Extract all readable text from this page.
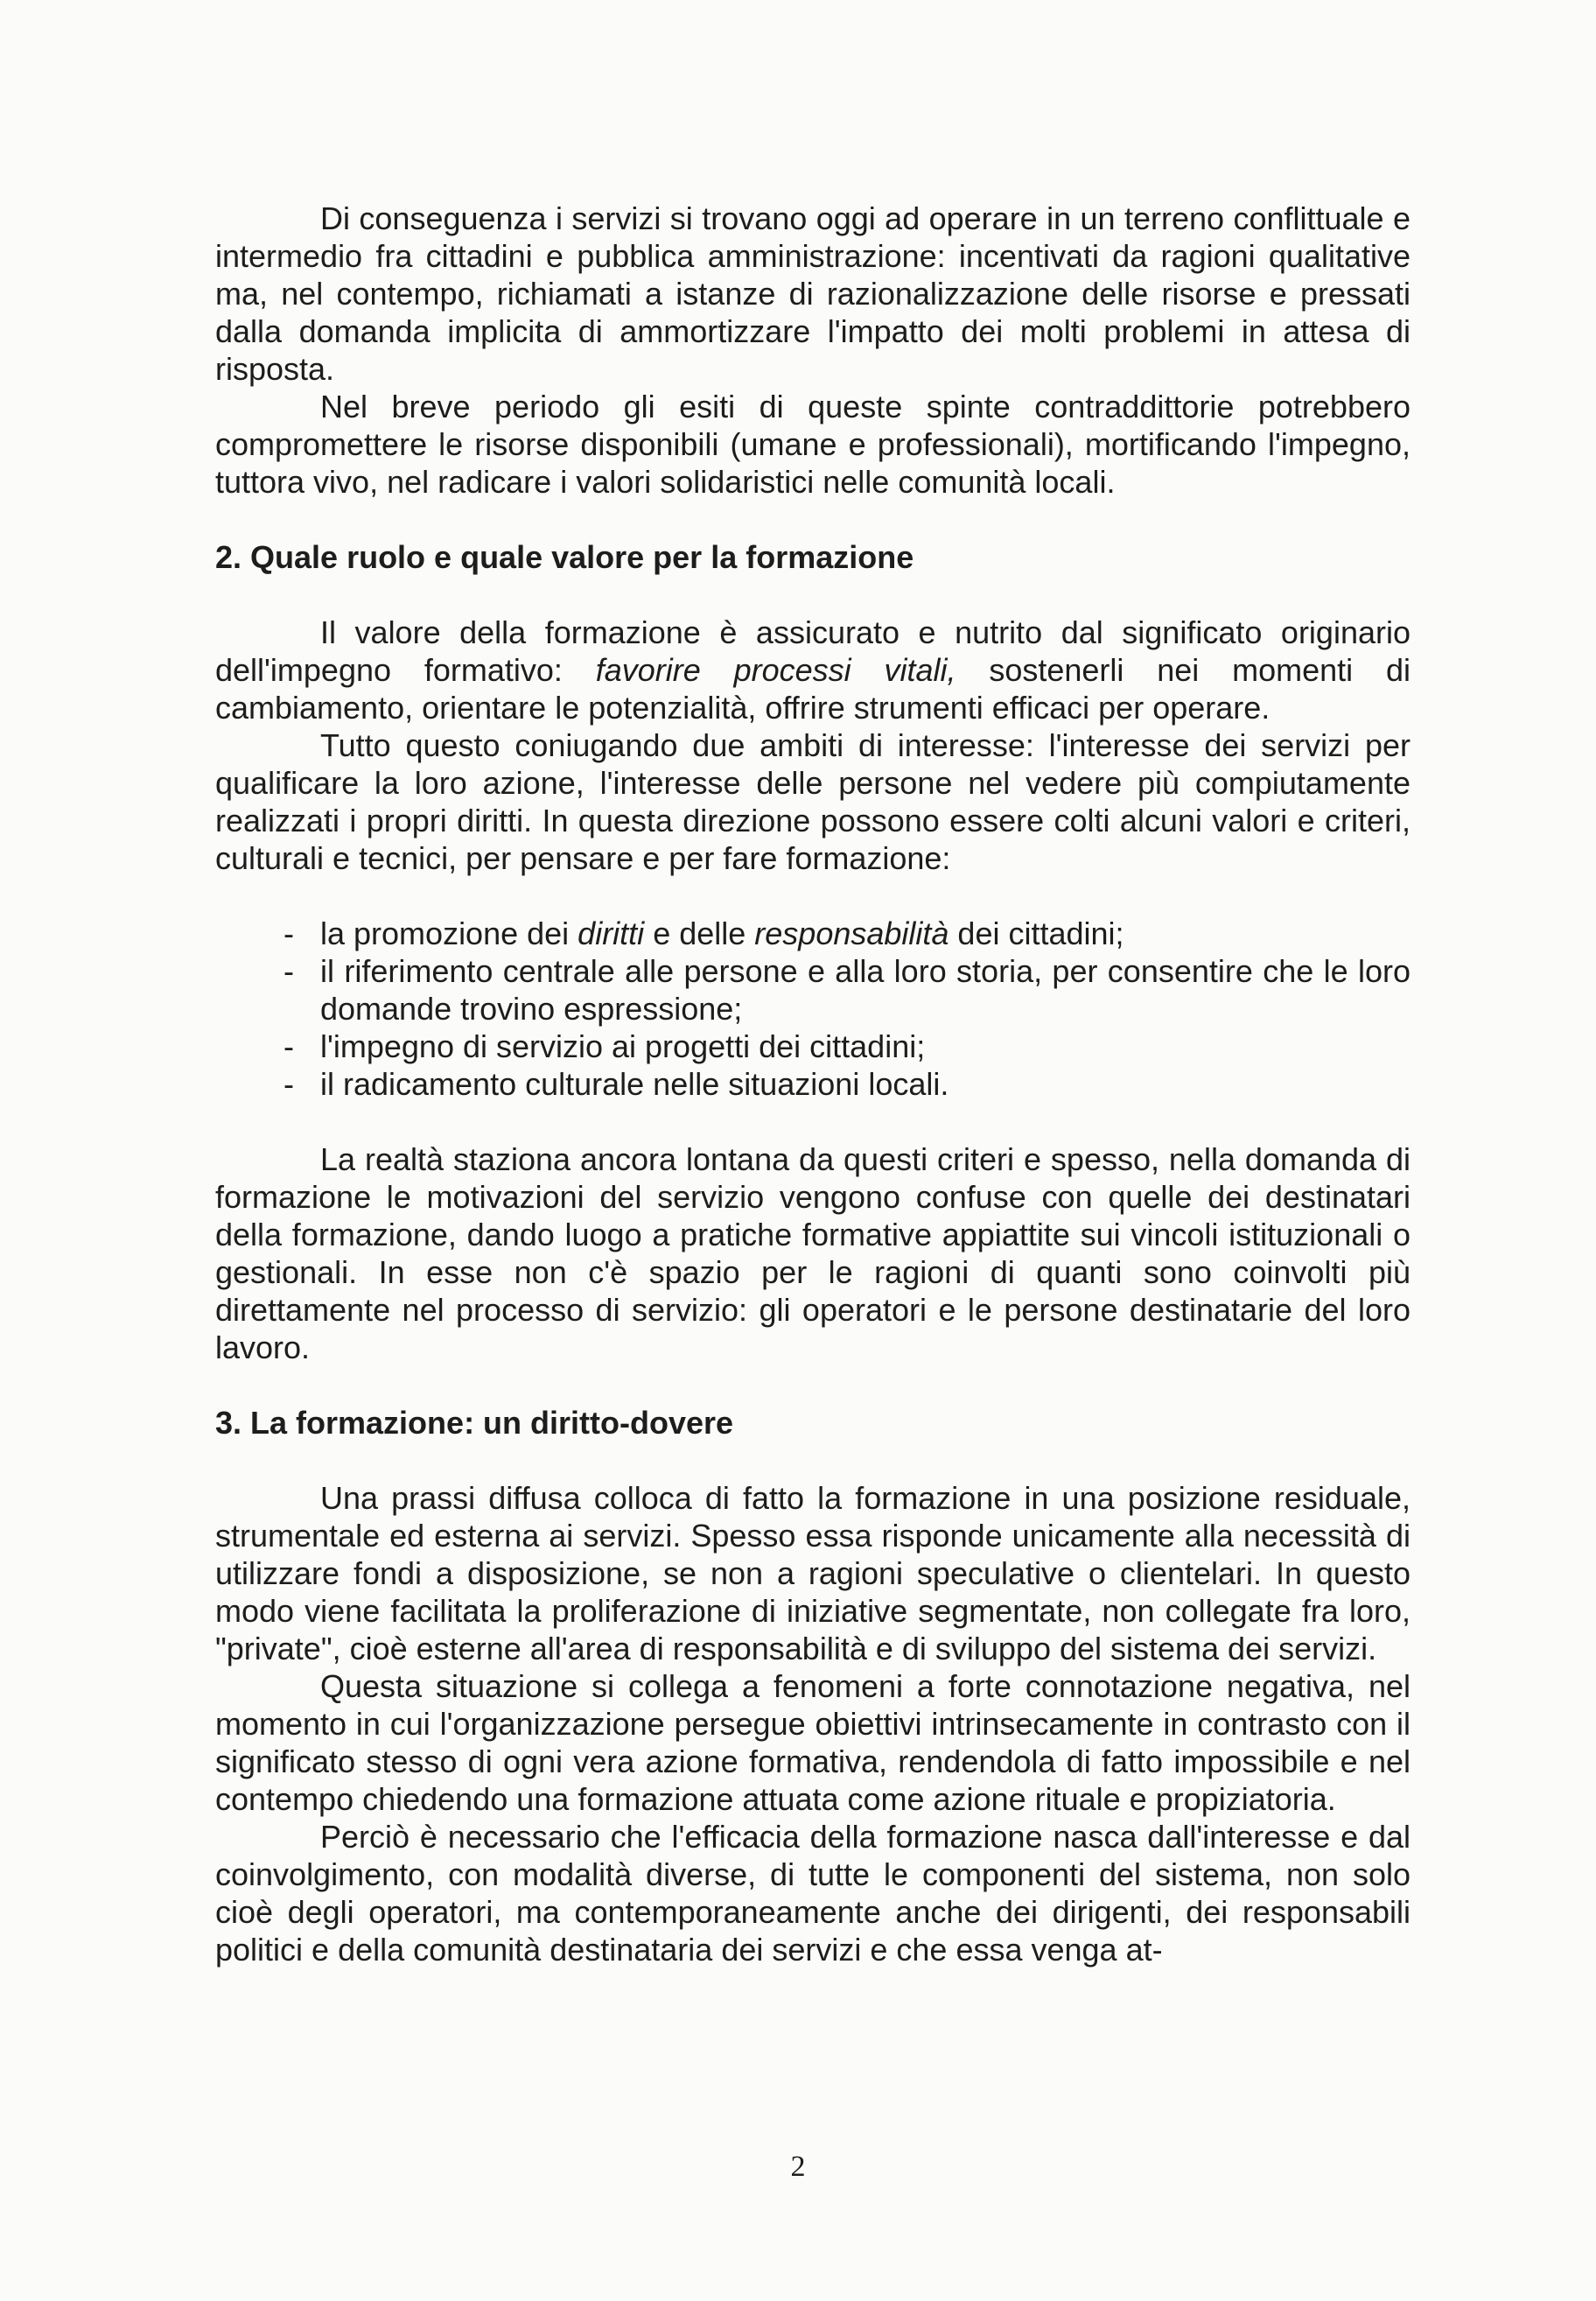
Di conseguenza i servizi si trovano oggi ad operare in un terreno conflittuale e intermedio fra cittadini e pubblica amministrazione: incentivati da ragioni qualitative ma, nel contempo, richiamati a istanze di razionalizzazione delle risorse e pressati dalla domanda implicita di ammortizzare l'impatto dei molti problemi in attesa di risposta.

Nel breve periodo gli esiti di queste spinte contraddittorie potrebbero compromettere le risorse disponibili (umane e professionali), mortificando l'impegno, tuttora vivo, nel radicare i valori solidaristici nelle comunità locali.

2. Quale ruolo e quale valore per la formazione

Il valore della formazione è assicurato e nutrito dal significato originario dell'impegno formativo: favorire processi vitali, sostenerli nei momenti di cambiamento, orientare le potenzialità, offrire strumenti efficaci per operare.

Tutto questo coniugando due ambiti di interesse: l'interesse dei servizi per qualificare la loro azione, l'interesse delle persone nel vedere più compiutamente realizzati i propri diritti. In questa direzione possono essere colti alcuni valori e criteri, culturali e tecnici, per pensare e per fare formazione:

- la promozione dei diritti e delle responsabilità dei cittadini;
- il riferimento centrale alle persone e alla loro storia, per consentire che le loro domande trovino espressione;
- l'impegno di servizio ai progetti dei cittadini;
- il radicamento culturale nelle situazioni locali.

La realtà staziona ancora lontana da questi criteri e spesso, nella domanda di formazione le motivazioni del servizio vengono confuse con quelle dei destinatari della formazione, dando luogo a pratiche formative appiattite sui vincoli istituzionali o gestionali. In esse non c'è spazio per le ragioni di quanti sono coinvolti più direttamente nel processo di servizio: gli operatori e le persone destinatarie del loro lavoro.

3. La formazione: un diritto-dovere

Una prassi diffusa colloca di fatto la formazione in una posizione residuale, strumentale ed esterna ai servizi. Spesso essa risponde unicamente alla necessità di utilizzare fondi a disposizione, se non a ragioni speculative o clientelari. In questo modo viene facilitata la proliferazione di iniziative segmentate, non collegate fra loro, "private", cioè esterne all'area di responsabilità e di sviluppo del sistema dei servizi.

Questa situazione si collega a fenomeni a forte connotazione negativa, nel momento in cui l'organizzazione persegue obiettivi intrinsecamente in contrasto con il significato stesso di ogni vera azione formativa, rendendola di fatto impossibile e nel contempo chiedendo una formazione attuata come azione rituale e propiziatoria.

Perciò è necessario che l'efficacia della formazione nasca dall'interesse e dal coinvolgimento, con modalità diverse, di tutte le componenti del sistema, non solo cioè degli operatori, ma contemporaneamente anche dei dirigenti, dei responsabili politici e della comunità destinataria dei servizi e che essa venga at-

2
